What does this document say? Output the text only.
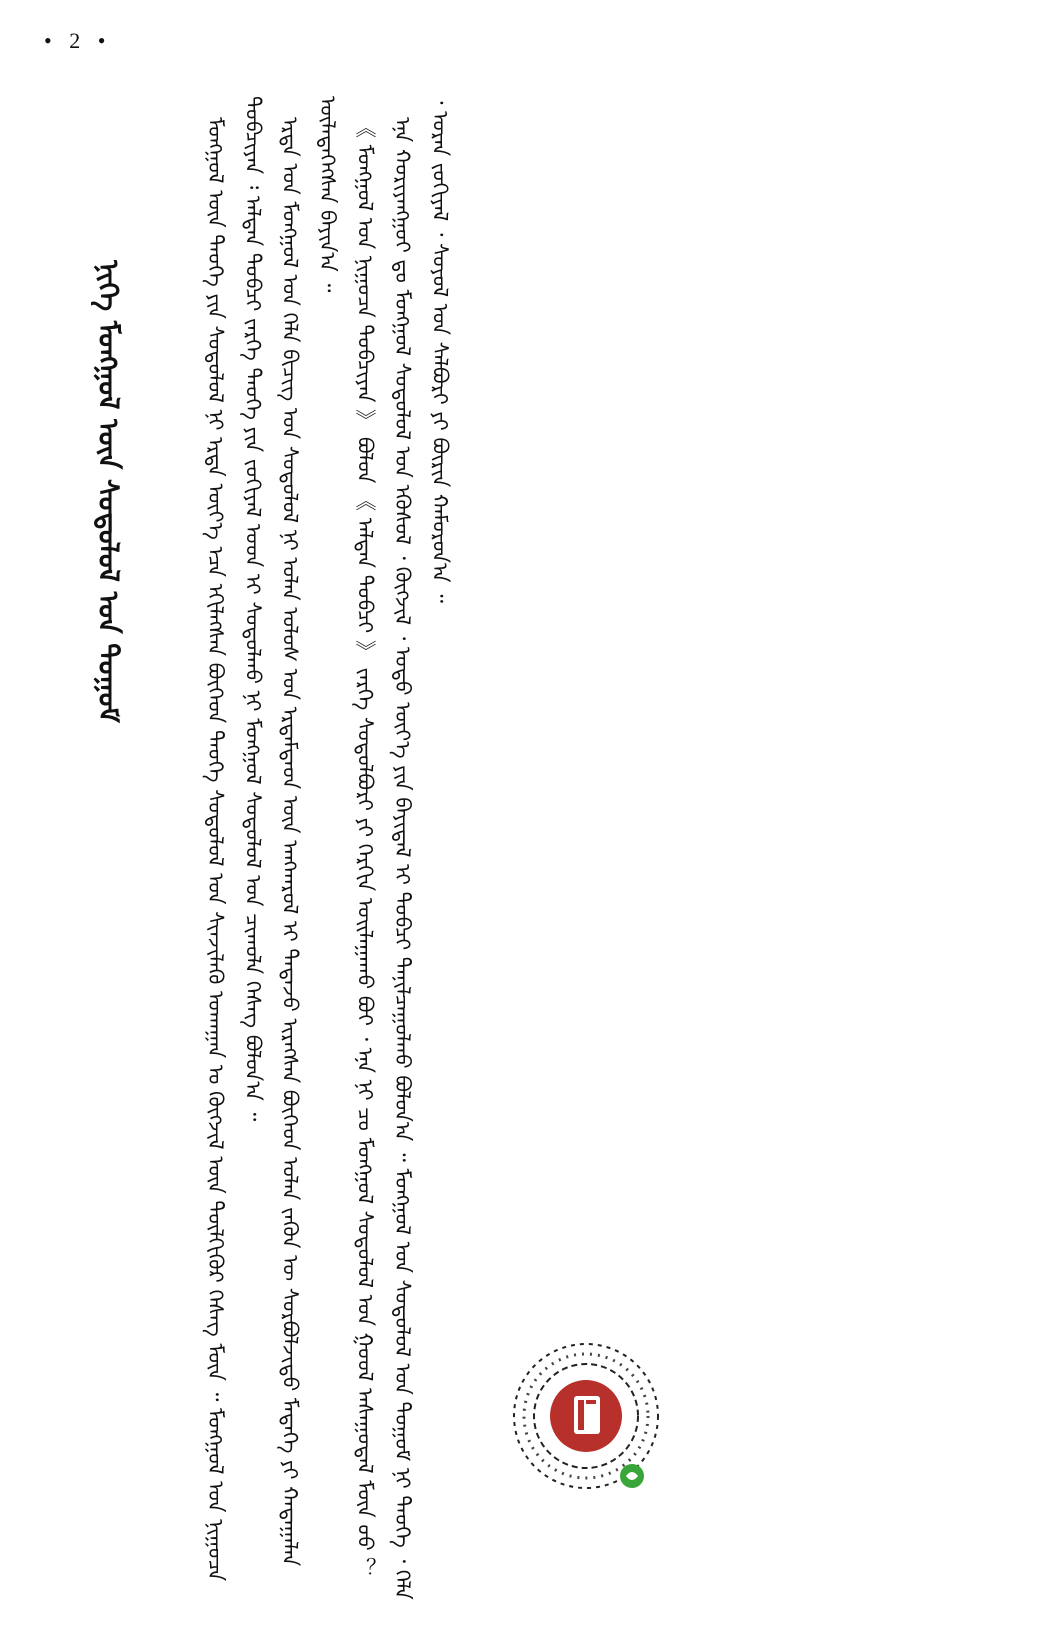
• 2 •
ᠨᠢᠭᠡ ᠮᠣᠩᠭᠣᠯ ᠦᠨ ᠰᠤᠳᠤᠯᠤᠯ ᠤᠨ ᠲᠣᠭᠣᠮ	ᠮᠣᠩᠭᠣᠯ ᠦᠨ ᠲᠡᠦᠬᠡ ᠶᠢᠨ ᠰᠤᠳᠤᠯᠤᠯ ᠨᠢ ᠡᠷᠲᠡ ᠦᠶ᠎ᠡ ᠡᠴᠡ ᠡᠬᠢᠯᠡᠭᠰᠡᠨ ᠪᠥᠭᠡᠳ ᠲᠡᠦᠬᠡ ᠰᠤᠳᠤᠯᠤᠯ ᠤᠨ ᠰᠢᠨᠵᠢᠯᠡᠬᠦ ᠤᠬᠠᠭᠠᠨ ᠤ ᠬᠥᠭᠵᠢᠯ ᠦᠨ ᠲᠦᠯᠬᠢᠭᠦᠷ ᠬᠡᠰᠡᠭ ᠮᠥᠨ ᠃ ᠮᠣᠩᠭᠣᠯ ᠤᠨ ᠨᠢᠭᠤᠴᠠ ᠲᠣᠪᠴᠢᠶᠠᠨ ᠄ ᠠᠯᠲᠠᠨ ᠲᠣᠪᠴᠢ ᠵᠡᠷᠭᠡ ᠲᠡᠦᠬᠡ ᠶᠢᠨ ᠵᠣᠬᠢᠶᠠᠯ ᠤᠳ ᠢ ᠰᠤᠳᠤᠯᠬᠤ ᠨᠢ ᠮᠣᠩᠭᠣᠯ ᠰᠤᠳᠤᠯᠤᠯ ᠤᠨ ᠴᠢᠬᠤᠯᠠ ᠬᠡᠰᠡᠭ ᠪᠣᠯᠤᠨ᠎ᠠ ᠃ ᠡᠷᠲᠡ ᠤᠨ ᠮᠣᠩᠭᠣᠯ ᠤᠨ ᠬᠡᠯᠡ ᠪᠢᠴᠢᠭ᠌ ᠤᠨ ᠰᠤᠳᠤᠯᠤᠯ ᠨᠢ ᠣᠯᠠᠨ ᠤᠯᠤᠰ ᠤᠨ ᠡᠷᠳᠡᠮᠲᠡᠳ ᠦᠨ ᠠᠩᠬᠠᠷᠤᠯ ᠢ ᠲᠠᠲᠠᠵᠤ ᠢᠷᠡᠭᠰᠡᠨ ᠪᠥᠭᠡᠳ ᠣᠯᠠᠨ ᠵᠡᠭᠦᠨ ᠦ ᠰᠤᠷᠪᠤᠯᠵᠢᠲᠤ ᠮᠡᠳᠡᠭᠡ ᠶᠢ ᠬᠠᠳᠠᠭᠠᠯᠠᠨ ᠦᠯᠡᠳᠡᠭᠡᠭᠰᠡᠨ ᠪᠠᠶᠢᠨ᠎ᠠ ᠃ 《 ᠮᠣᠩᠭᠣᠯ ᠤᠨ ᠨᠢᠭᠤᠴᠠ ᠲᠣᠪᠴᠢᠶᠠᠨ 》 ᠪᠣᠯᠤᠨ 《 ᠠᠯᠲᠠᠨ ᠲᠣᠪᠴᠢ 》 ᠵᠡᠷᠭᠡ ᠰᠤᠳᠤᠯᠪᠤᠷᠢ ᠶᠢ ᠬᠡᠷᠬᠢᠨ ᠣᠢᠯᠠᠭᠠᠬᠤ ᠪᠤᠢ ᠂ ᠡᠨᠡ ᠨᠢ ᠴᠤ ᠮᠣᠩᠭᠣᠯ ᠰᠤᠳᠤᠯᠤᠯ ᠤᠨ ᠭᠣᠣᠯ ᠠᠰᠠᠭᠤᠳᠠᠯ ᠮᠥᠨ ᠦᠦ ？ ᠡᠨᠡ ᠬᠤᠷᠢᠶᠠᠩᠭᠤᠢ ᠳᠤ ᠮᠣᠩᠭᠣᠯ ᠰᠤᠳᠤᠯᠤᠯ ᠤᠨ ᠡᠭᠦᠰᠦᠯ ᠂ ᠬᠥᠭᠵᠢᠯ ᠂ ᠣᠳᠣ ᠦᠶ᠎ᠡ ᠶᠢᠨ ᠪᠠᠶᠢᠳᠠᠯ ᠢ ᠲᠣᠪᠴᠢ ᠲᠠᠨᠢᠯᠴᠠᠭᠤᠯᠬᠤ ᠪᠣᠯᠤᠨ᠎ᠠ ᠃ ᠮᠣᠩᠭᠣᠯ ᠤᠨ ᠰᠤᠳᠤᠯᠤᠯ ᠤᠨ ᠲᠣᠭᠣᠮ ᠨᠢ ᠲᠡᠦᠬᠡ ᠂ ᠬᠡᠯᠡ ᠂ ᠤᠷᠠᠨ ᠵᠣᠬᠢᠶᠠᠯ ᠂ ᠰᠤᠶᠤᠯ ᠤᠨ ᠰᠠᠯᠪᠤᠷᠢ ᠶᠢ ᠪᠦᠷᠢᠨ ᠬᠠᠮᠤᠷᠤᠨ᠎ᠠ ᠃
